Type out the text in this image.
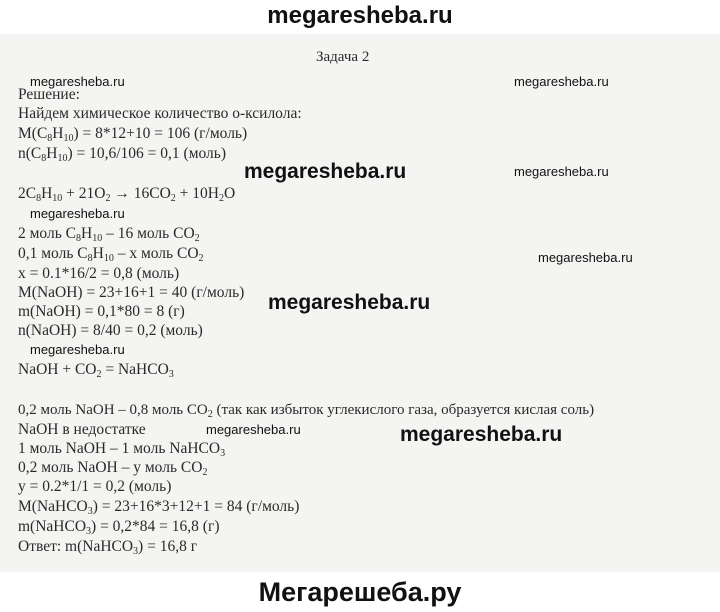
megaresheba.ru
Задача 2
Решение:
Найдем химическое количество о-ксилола:
$M(C_8H_{10}) = 8*12+10 = 106$ (г/моль)
$n(C_8H_{10}) = 10,6/106 = 0,1$ (моль)
$2C_8H_{10} + 21O_2 \to 16CO_2 + 10H_2O$
2 моль $C_8H_{10} - 16$ моль $CO_2$
0,1 моль $C_8H_{10}$ – x моль $CO_2$
x = 0.1*16/2 = 0,8 (моль)
M(NaOH) = 23+16+1 = 40 (г/моль)
m(NaOH) = 0,1*80 = 8 (г)
n(NaOH) = 8/40 = 0,2 (моль)
NaOH + $CO_2$ = NaHCO$_3$
0,2 моль NaOH – 0,8 моль $CO_2$ (так как избыток углекислого газа, образуется кислая соль)
NaOH в недостатке
1 моль NaOH – 1 моль NaHCO$_3$
0,2 моль NaOH – y моль $CO_2$
y = 0.2*1/1 = 0,2 (моль)
M(NaHCO$_3$) = 23+16*3+12+1 = 84 (г/моль)
m(NaHCO$_3$) = 0,2*84 = 16,8 (г)
Ответ: m(NaHCO$_3$) = 16,8 г
megaresheba.ru	megaresheba.ru
megaresheba.ru	megaresheba.ru
megaresheba.ru
megaresheba.ru
megaresheba.ru
megaresheba.ru
megaresheba.ru	megaresheba.ru
Мегарешеба.ру
